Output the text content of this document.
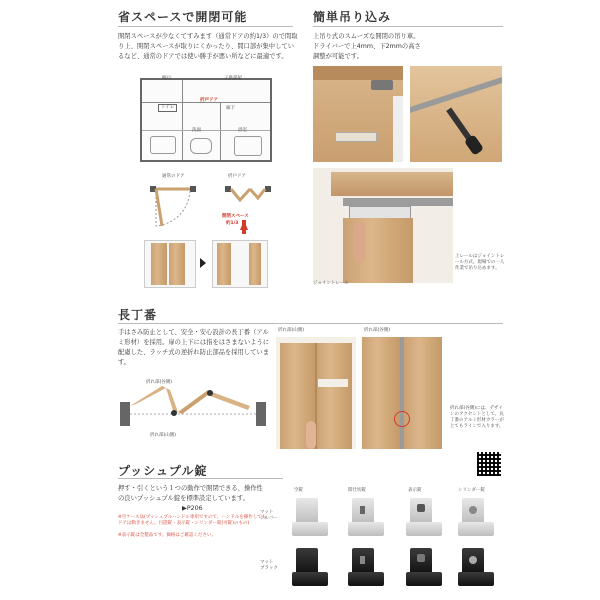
省スペースで開閉可能
開閉スペースが少なくてすみます（通常ドアの約1/3）ので間取り上、開閉スペースが取りにくかったり、間口部が集中しているなど、通常のドアでは使い勝手が悪い所などに最適です。
納戸	子供部屋
トイレ
折戸ドア
廊下
洗面	浴室
通常のドア	折戸ドア
開閉スペース
約1/3
簡単吊り込み
上吊り式のスムーズな開閉の吊り車。ドライバーで上4mm、下2mmの高さ調整が可能です。
ジョイントレール
上レールはジョイントレール方式。現場での一人作業で吊り込めます。
長丁番
手はさみ防止として、安全・安心設計の長丁番（アルミ形材）を採用。扉の上下には指をはさまないように配慮した、ラッチ式の逆折れ防止部品を採用しています。
折れ部(谷側)
折れ部(山側)
折れ部(山側)	折れ部(谷側)
折れ部(谷側)には、デザインのアクセントとして、長丁番のアルミ形材カラーがとてもラインで入ります。
プッシュプル錠
押す・引くという１つの動作で開閉できる、操作性の良いプッシュプル錠を標準設定しています。
▶P206
※空ケース品(プッシュプルハンドル専用ですので、ハンドルを操作してもドアは動きません。目隠錠・表示錠・シリンダー錠(可錠)のもの)
※表示錠は全製品です。価格はご確認ください。
空錠	間仕切錠	表示錠	シリンダー錠
マット
シルバー
マット
ブラック
